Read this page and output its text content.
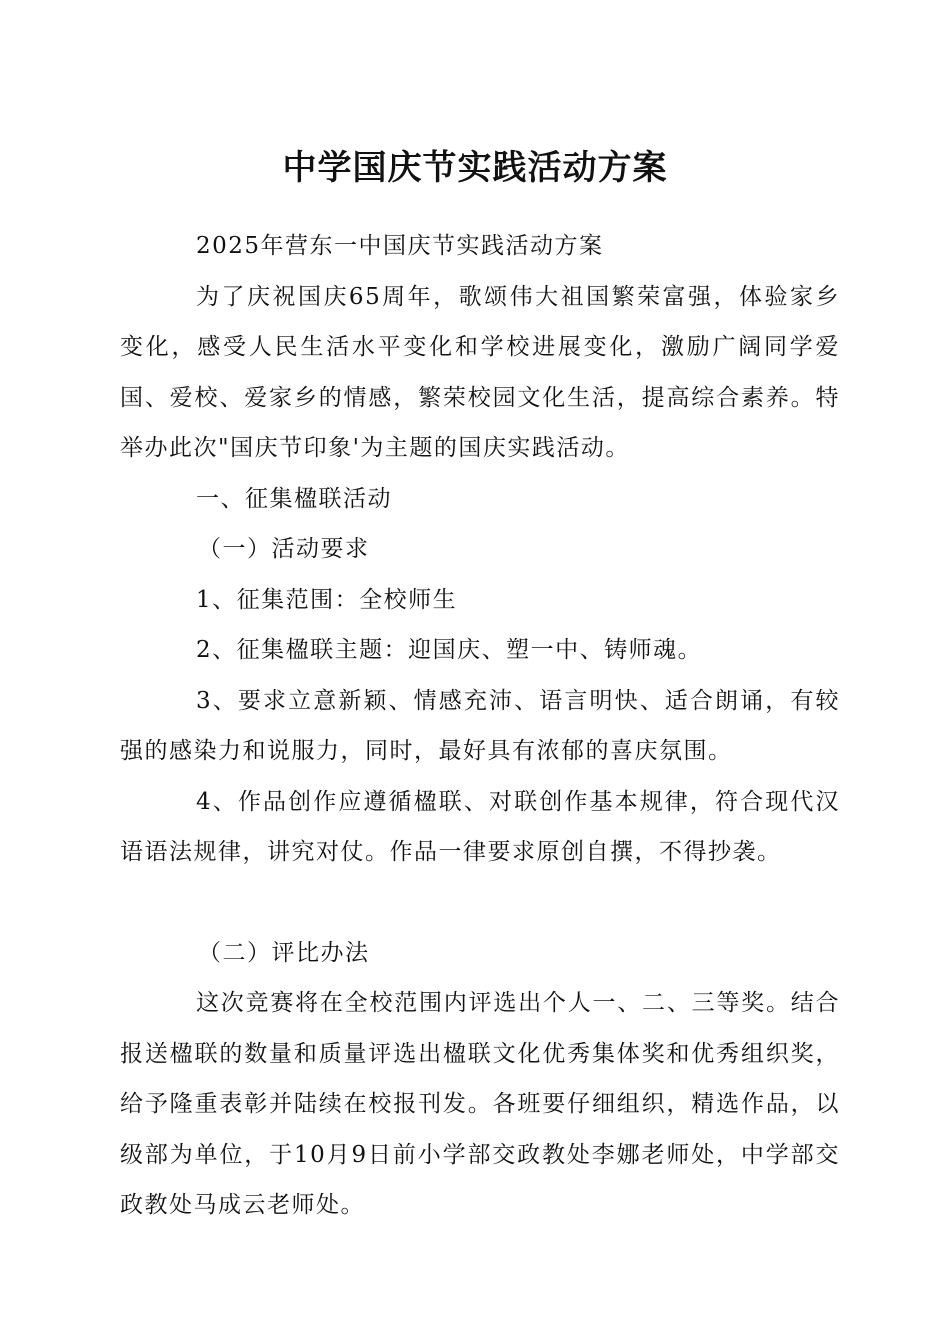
中学国庆节实践活动方案

2025年营东一中国庆节实践活动方案

为了庆祝国庆65周年，歌颂伟大祖国繁荣富强，体验家乡变化，感受人民生活水平变化和学校进展变化，激励广阔同学爱国、爱校、爱家乡的情感，繁荣校园文化生活，提高综合素养。特举办此次"国庆节印象'为主题的国庆实践活动。

一、征集楹联活动

（一）活动要求

1、征集范围：全校师生

2、征集楹联主题：迎国庆、塑一中、铸师魂。

3、要求立意新颖、情感充沛、语言明快、适合朗诵，有较强的感染力和说服力，同时，最好具有浓郁的喜庆氛围。

4、作品创作应遵循楹联、对联创作基本规律，符合现代汉语语法规律，讲究对仗。作品一律要求原创自撰，不得抄袭。

（二）评比办法

这次竞赛将在全校范围内评选出个人一、二、三等奖。结合报送楹联的数量和质量评选出楹联文化优秀集体奖和优秀组织奖，给予隆重表彰并陆续在校报刊发。各班要仔细组织，精选作品，以级部为单位，于10月9日前小学部交政教处李娜老师处，中学部交政教处马成云老师处。
